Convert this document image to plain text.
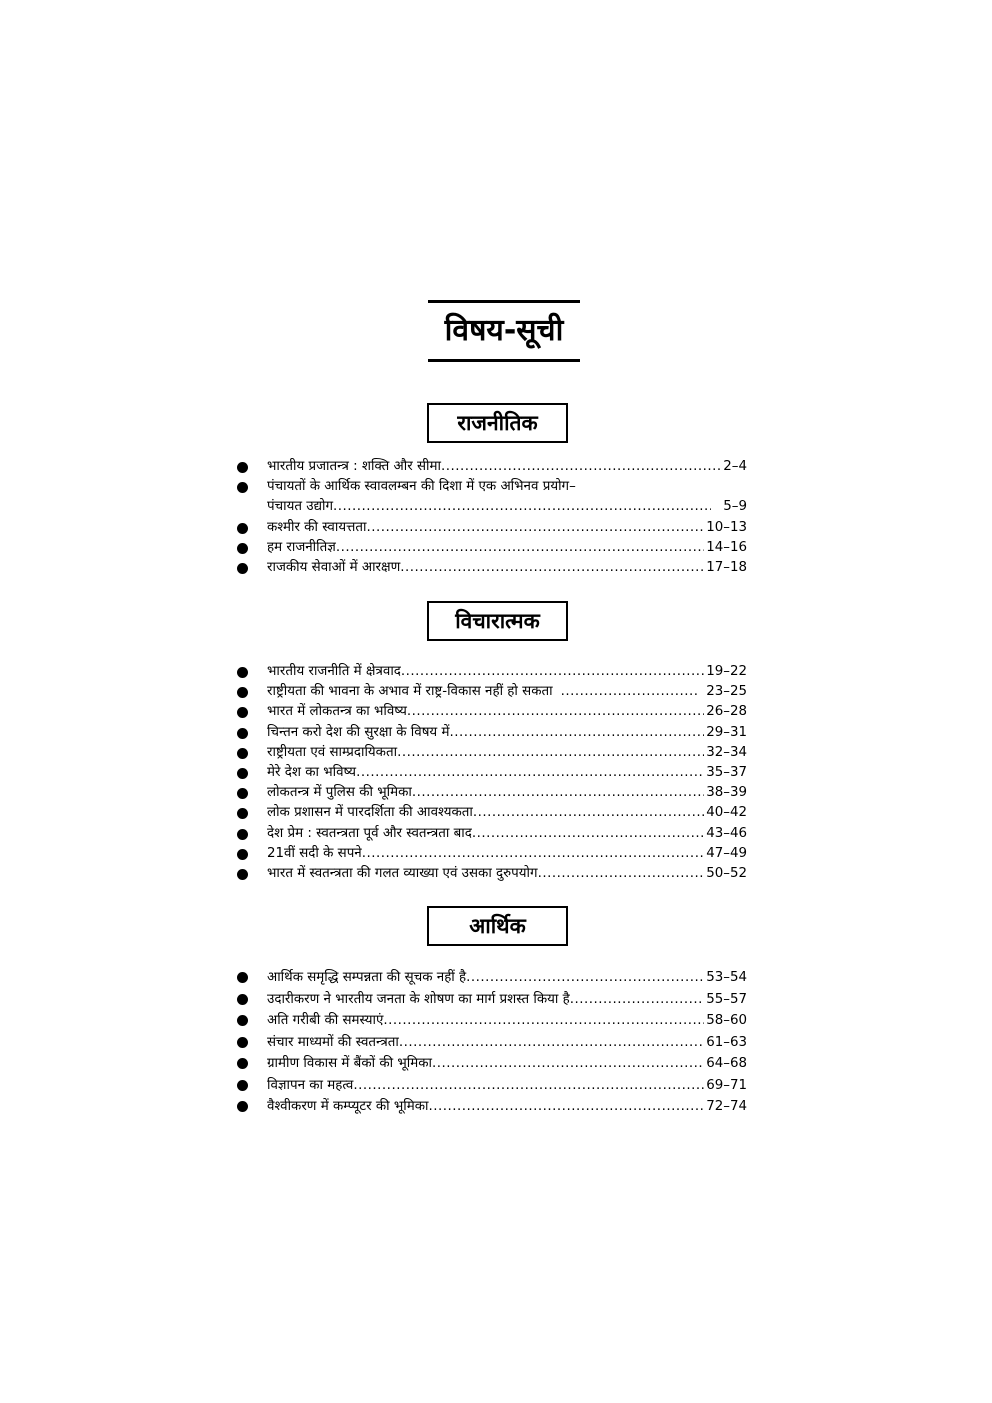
विषय-सूची
राजनीतिक
भारतीय प्रजातन्त्र : शक्ति और सीमा .....	2–4
पंचायतों के आर्थिक स्वावलम्बन की दिशा में एक अभिनव प्रयोग–
पंचायत उद्योग .....	5–9
कश्मीर की स्वायत्तता .....	10–13
हम राजनीतिज्ञ .....	14–16
राजकीय सेवाओं में आरक्षण .....	17–18
विचारात्मक
भारतीय राजनीति में क्षेत्रवाद .....	19–22
राष्ट्रीयता की भावना के अभाव में राष्ट्र-विकास नहीं हो सकता .....	23–25
भारत में लोकतन्त्र का भविष्य .....	26–28
चिन्तन करो देश की सुरक्षा के विषय में .....	29–31
राष्ट्रीयता एवं साम्प्रदायिकता .....	32–34
मेरे देश का भविष्य .....	35–37
लोकतन्त्र में पुलिस की भूमिका .....	38–39
लोक प्रशासन में पारदर्शिता की आवश्यकता .....	40–42
देश प्रेम : स्वतन्त्रता पूर्व और स्वतन्त्रता बाद .....	43–46
21वीं सदी के सपने .....	47–49
भारत में स्वतन्त्रता की गलत व्याख्या एवं उसका दुरुपयोग .....	50–52
आर्थिक
आर्थिक समृद्धि सम्पन्नता की सूचक नहीं है .....	53–54
उदारीकरण ने भारतीय जनता के शोषण का मार्ग प्रशस्त किया है .....	55–57
अति गरीबी की समस्याएं .....	58–60
संचार माध्यमों की स्वतन्त्रता .....	61–63
ग्रामीण विकास में बैंकों की भूमिका .....	64–68
विज्ञापन का महत्व .....	69–71
वैश्वीकरण में कम्प्यूटर की भूमिका .....	72–74
